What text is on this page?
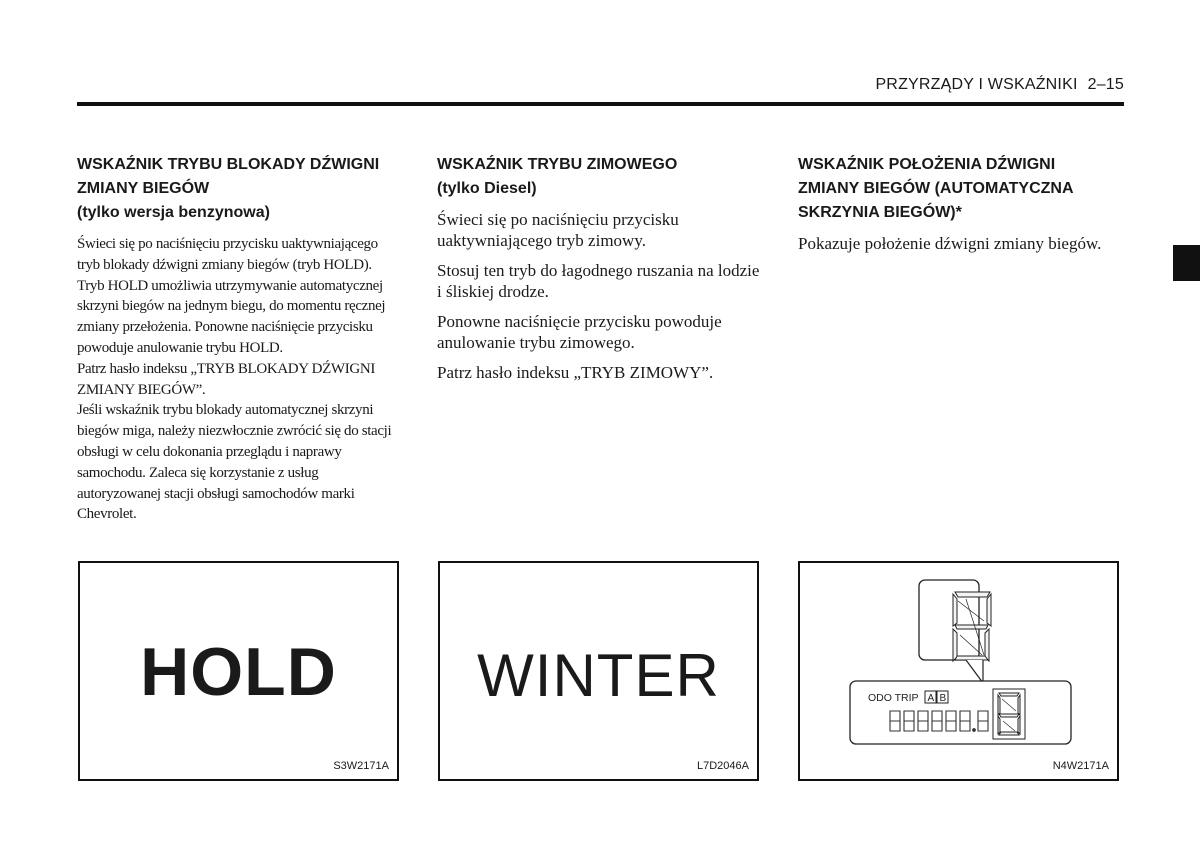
PRZYRZĄDY I WSKAŹNIKI 2–15
WSKAŹNIK TRYBU BLOKADY DŹWIGNI
ZMIANY BIEGÓW
(tylko wersja benzynowa)

Świeci się po naciśnięciu przycisku uaktywniającego tryb blokady dźwigni zmiany biegów (tryb HOLD). Tryb HOLD umożliwia utrzymywanie automatycznej skrzyni biegów na jednym biegu, do momentu ręcznej zmiany przełożenia. Ponowne naciśnięcie przycisku powoduje anulowanie trybu HOLD.

Patrz hasło indeksu „TRYB BLOKADY DŹWIGNI ZMIANY BIEGÓW”.

Jeśli wskaźnik trybu blokady automatycznej skrzyni biegów miga, należy niezwłocznie zwrócić się do stacji obsługi w celu dokonania przeglądu i naprawy samochodu. Zaleca się korzystanie z usług autoryzowanej stacji obsługi samochodów marki Chevrolet.

WSKAŹNIK TRYBU ZIMOWEGO
(tylko Diesel)

Świeci się po naciśnięciu przycisku uaktywniającego tryb zimowy.

Stosuj ten tryb do łagodnego ruszania na lodzie i śliskiej drodze.

Ponowne naciśnięcie przycisku powoduje anulowanie trybu zimowego.

Patrz hasło indeksu „TRYB ZIMOWY”.

WSKAŹNIK POŁOŻENIA DŹWIGNI
ZMIANY BIEGÓW (AUTOMATYCZNA
SKRZYNIA BIEGÓW)*

Pokazuje położenie dźwigni zmiany biegów.

HOLD
S3W2171A
WINTER
L7D2046A
ODO TRIP A B
N4W2171A
